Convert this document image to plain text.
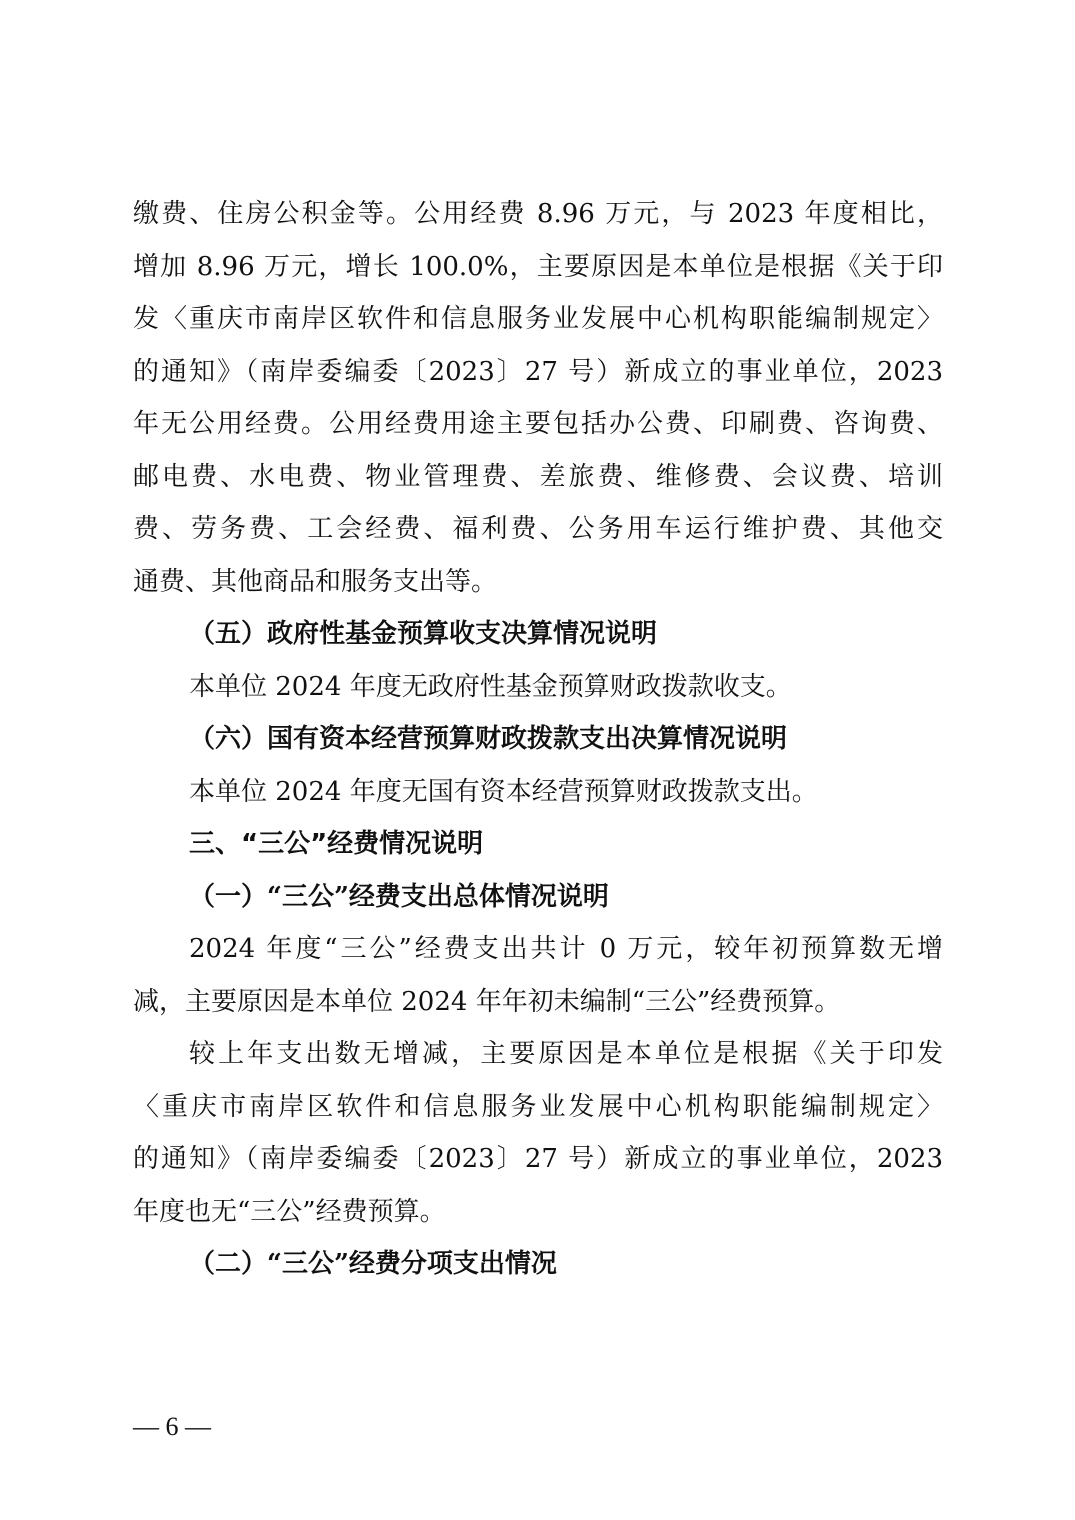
缴费、住房公积金等。公用经费 8.96 万元，与 2023 年度相比，

增加 8.96 万元，增长 100.0%，主要原因是本单位是根据《关于印

发〈重庆市南岸区软件和信息服务业发展中心机构职能编制规定〉

的通知》（南岸委编委〔2023〕27 号）新成立的事业单位，2023

年无公用经费。公用经费用途主要包括办公费、印刷费、咨询费、

邮电费、水电费、物业管理费、差旅费、维修费、会议费、培训

费、劳务费、工会经费、福利费、公务用车运行维护费、其他交

通费、其他商品和服务支出等。

（五）政府性基金预算收支决算情况说明

本单位 2024 年度无政府性基金预算财政拨款收支。

（六）国有资本经营预算财政拨款支出决算情况说明

本单位 2024 年度无国有资本经营预算财政拨款支出。

三、“三公”经费情况说明
（一）“三公”经费支出总体情况说明

2024 年度“三公”经费支出共计 0 万元，较年初预算数无增

减，主要原因是本单位 2024 年年初未编制“三公”经费预算。

较上年支出数无增减，主要原因是本单位是根据《关于印发

〈重庆市南岸区软件和信息服务业发展中心机构职能编制规定〉

的通知》（南岸委编委〔2023〕27 号）新成立的事业单位，2023

年度也无“三公”经费预算。

（二）“三公”经费分项支出情况
— 6 —
